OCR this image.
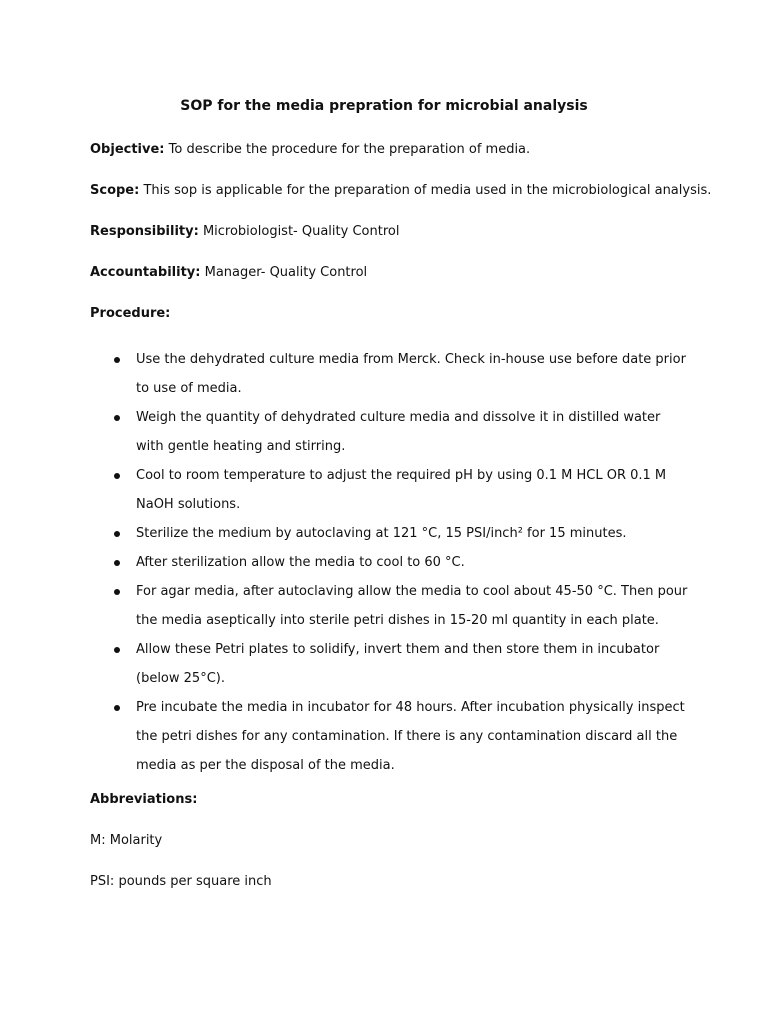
SOP for the media prepration for microbial analysis
Objective: To describe the procedure for the preparation of media.
Scope: This sop is applicable for the preparation of media used in the microbiological analysis.
Responsibility: Microbiologist- Quality Control
Accountability: Manager- Quality Control
Procedure:
Use the dehydrated culture media from Merck. Check in-house use before date prior to use of media.
Weigh the quantity of dehydrated culture media and dissolve it in distilled water with gentle heating and stirring.
Cool to room temperature to adjust the required pH by using 0.1 M HCL OR 0.1 M NaOH solutions.
Sterilize the medium by autoclaving at 121 °C, 15 PSI/inch² for 15 minutes.
After sterilization allow the media to cool to 60 °C.
For agar media, after autoclaving allow the media to cool about 45-50 °C. Then pour the media aseptically into sterile petri dishes in 15-20 ml quantity in each plate.
Allow these Petri plates to solidify, invert them and then store them in incubator (below 25°C).
Pre incubate the media in incubator for 48 hours. After incubation physically inspect the petri dishes for any contamination. If there is any contamination discard all the media as per the disposal of the media.
Abbreviations:
M: Molarity
PSI: pounds per square inch
